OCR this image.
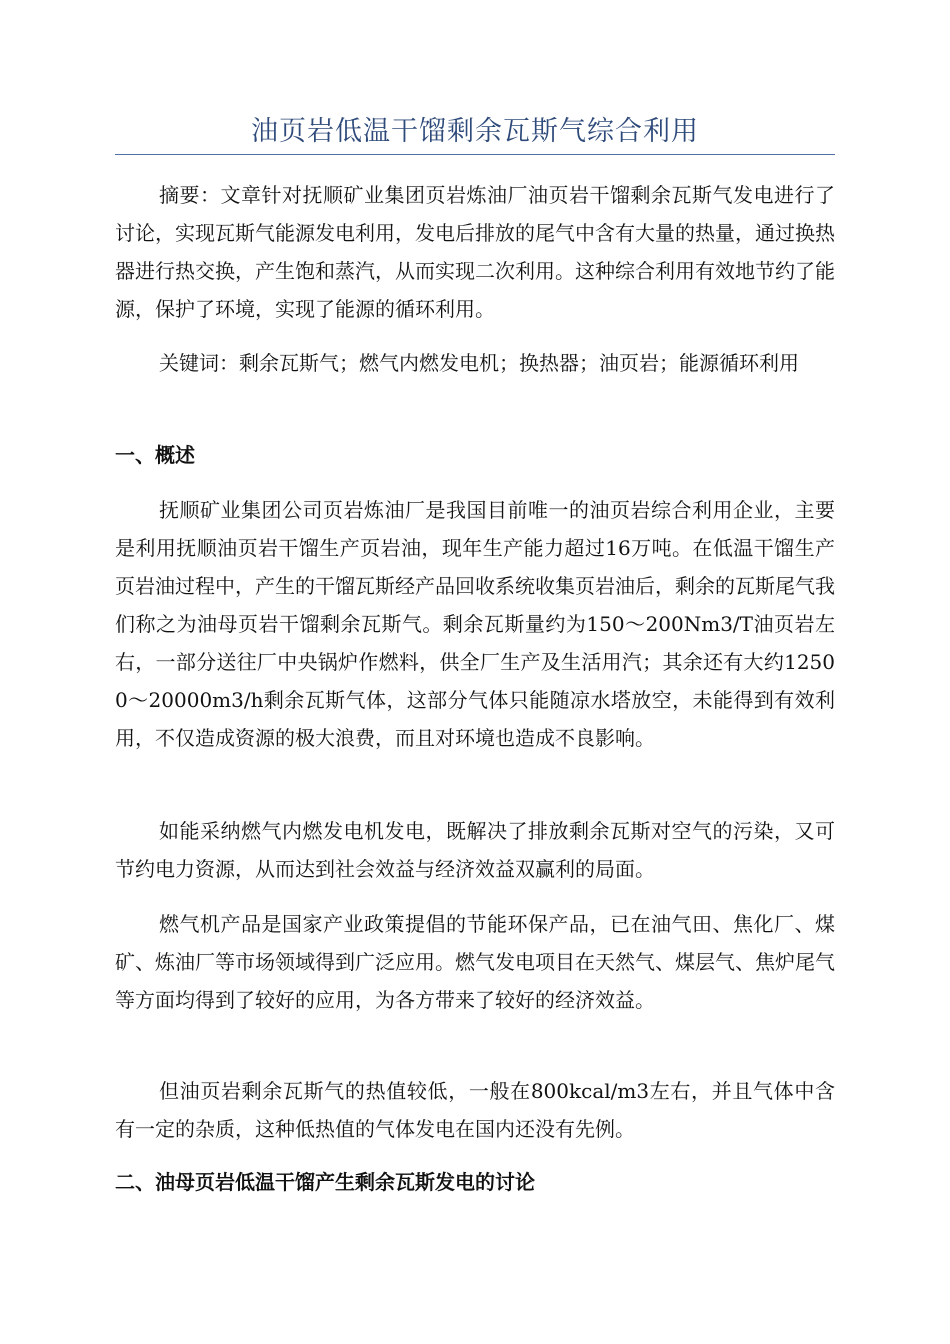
油页岩低温干馏剩余瓦斯气综合利用

摘要：文章针对抚顺矿业集团页岩炼油厂油页岩干馏剩余瓦斯气发电进行了讨论，实现瓦斯气能源发电利用，发电后排放的尾气中含有大量的热量，通过换热器进行热交换，产生饱和蒸汽，从而实现二次利用。这种综合利用有效地节约了能源，保护了环境，实现了能源的循环利用。

关键词：剩余瓦斯气；燃气内燃发电机；换热器；油页岩；能源循环利用

一、概述

抚顺矿业集团公司页岩炼油厂是我国目前唯一的油页岩综合利用企业，主要是利用抚顺油页岩干馏生产页岩油，现年生产能力超过16万吨。在低温干馏生产页岩油过程中，产生的干馏瓦斯经产品回收系统收集页岩油后，剩余的瓦斯尾气我们称之为油母页岩干馏剩余瓦斯气。剩余瓦斯量约为150～200Nm3/T油页岩左右，一部分送往厂中央锅炉作燃料，供全厂生产及生活用汽；其余还有大约12500～20000m3/h剩余瓦斯气体，这部分气体只能随凉水塔放空，未能得到有效利用，不仅造成资源的极大浪费，而且对环境也造成不良影响。

如能采纳燃气内燃发电机发电，既解决了排放剩余瓦斯对空气的污染，又可节约电力资源，从而达到社会效益与经济效益双赢利的局面。

燃气机产品是国家产业政策提倡的节能环保产品，已在油气田、焦化厂、煤矿、炼油厂等市场领域得到广泛应用。燃气发电项目在天然气、煤层气、焦炉尾气等方面均得到了较好的应用，为各方带来了较好的经济效益。

但油页岩剩余瓦斯气的热值较低，一般在800kcal/m3左右，并且气体中含有一定的杂质，这种低热值的气体发电在国内还没有先例。

二、油母页岩低温干馏产生剩余瓦斯发电的讨论
